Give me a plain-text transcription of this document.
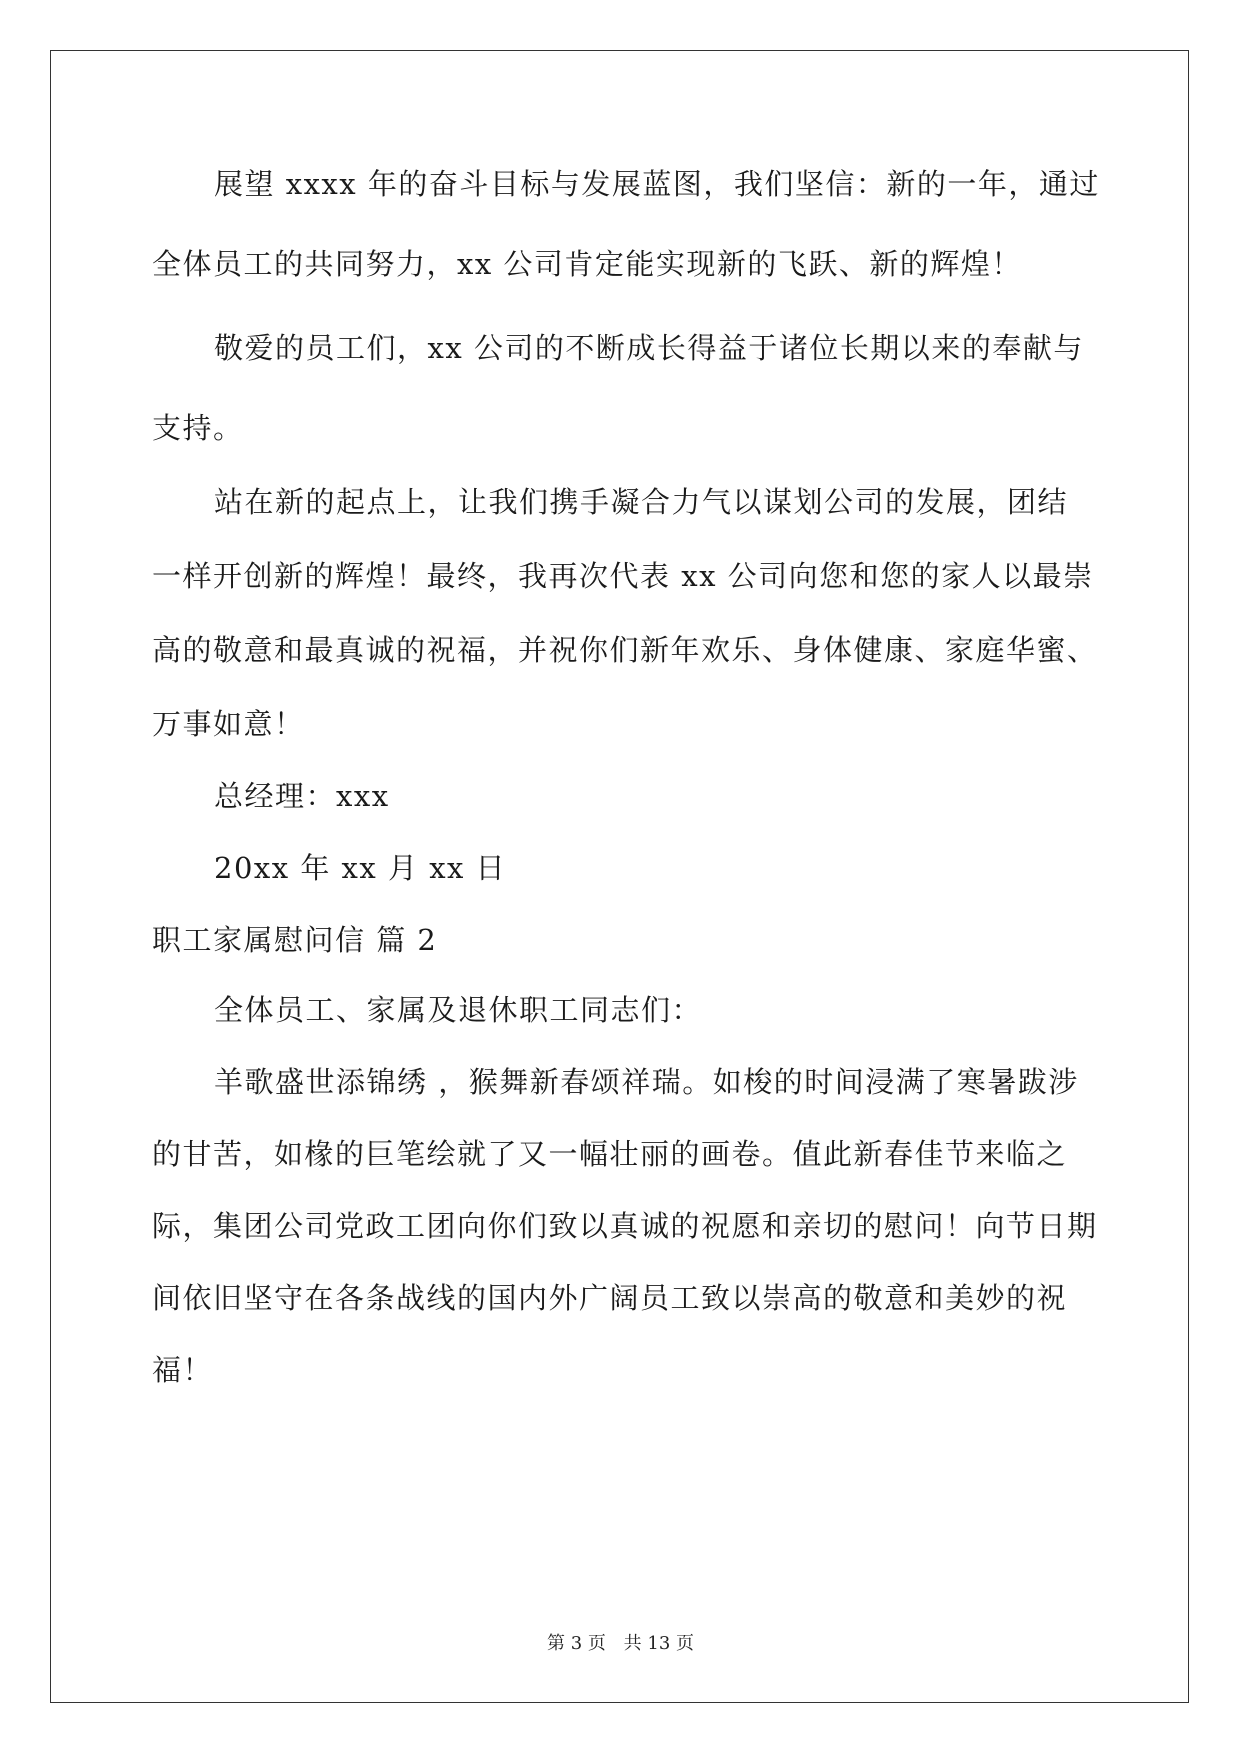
展望 xxxx 年的奋斗目标与发展蓝图，我们坚信：新的一年，通过
全体员工的共同努力，xx 公司肯定能实现新的飞跃、新的辉煌！
敬爱的员工们，xx 公司的不断成长得益于诸位长期以来的奉献与
支持。
站在新的起点上，让我们携手凝合力气以谋划公司的发展，团结
一样开创新的辉煌！最终，我再次代表 xx 公司向您和您的家人以最崇
高的敬意和最真诚的祝福，并祝你们新年欢乐、身体健康、家庭华蜜、
万事如意！
总经理：xxx
20xx 年 xx 月 xx 日
职工家属慰问信 篇 2
全体员工、家属及退休职工同志们：
羊歌盛世添锦绣 ，猴舞新春颂祥瑞。如梭的时间浸满了寒暑跋涉
的甘苦，如椽的巨笔绘就了又一幅壮丽的画卷。值此新春佳节来临之
际，集团公司党政工团向你们致以真诚的祝愿和亲切的慰问！向节日期
间依旧坚守在各条战线的国内外广阔员工致以崇高的敬意和美妙的祝
福！
第 3 页 共 13 页
